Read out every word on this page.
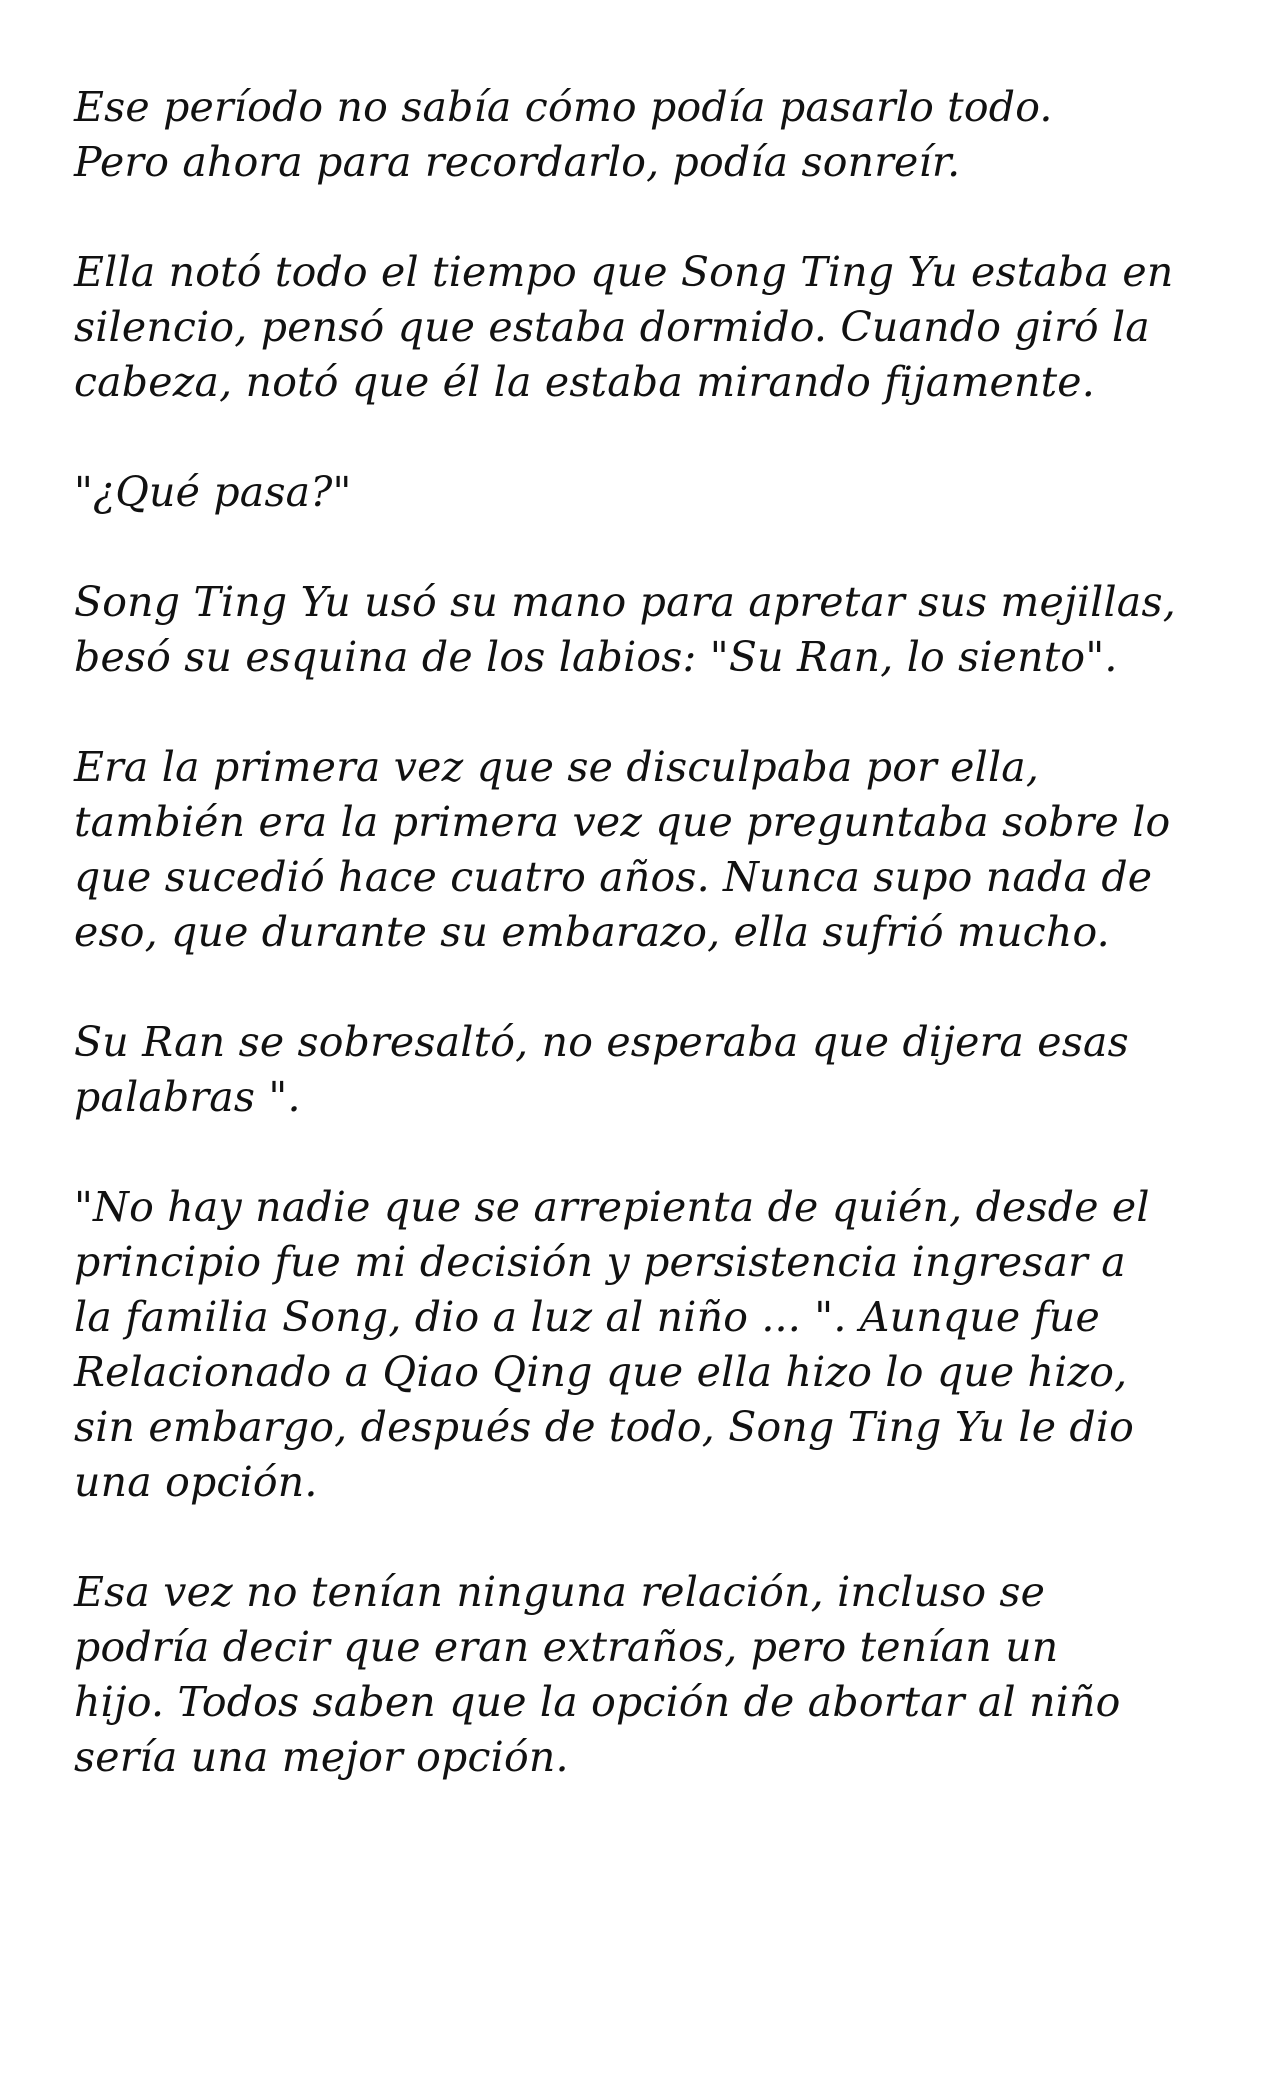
Ese período no sabía cómo podía pasarlo todo.
Pero ahora para recordarlo, podía sonreír.

Ella notó todo el tiempo que Song Ting Yu estaba en
silencio, pensó que estaba dormido. Cuando giró la
cabeza, notó que él la estaba mirando fijamente.

"¿Qué pasa?"

Song Ting Yu usó su mano para apretar sus mejillas,
besó su esquina de los labios: "Su Ran, lo siento".

Era la primera vez que se disculpaba por ella,
también era la primera vez que preguntaba sobre lo
que sucedió hace cuatro años. Nunca supo nada de
eso, que durante su embarazo, ella sufrió mucho.

Su Ran se sobresaltó, no esperaba que dijera esas
palabras ".

"No hay nadie que se arrepienta de quién, desde el
principio fue mi decisión y persistencia ingresar a
la familia Song, dio a luz al niño ... ". Aunque fue
Relacionado a Qiao Qing que ella hizo lo que hizo,
sin embargo, después de todo, Song Ting Yu le dio
una opción.

Esa vez no tenían ninguna relación, incluso se
podría decir que eran extraños, pero tenían un
hijo. Todos saben que la opción de abortar al niño
sería una mejor opción.
